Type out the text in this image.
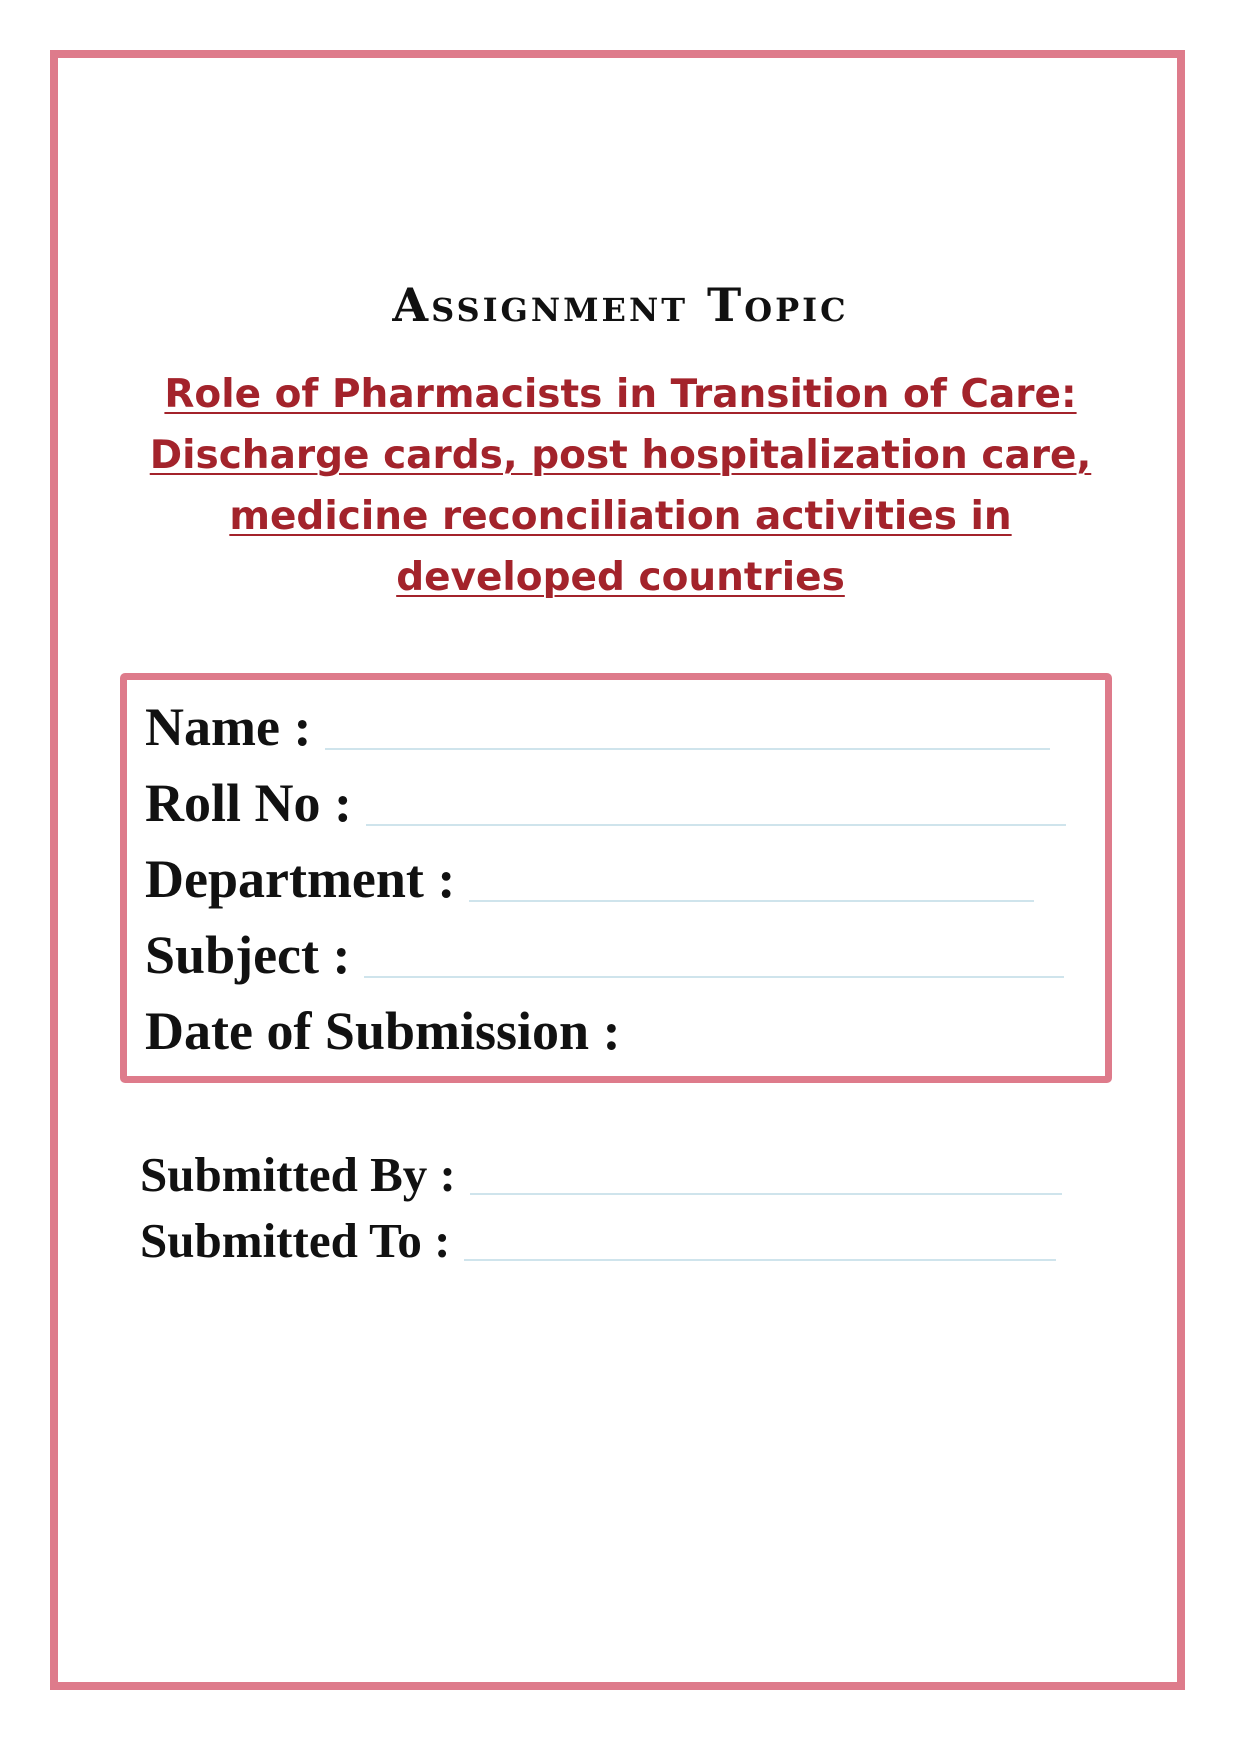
Assignment Topic
Role of Pharmacists in Transition of Care: Discharge cards, post hospitalization care, medicine reconciliation activities in developed countries
Name :
Roll No :
Department :
Subject :
Date of Submission :
Submitted By :
Submitted To :
